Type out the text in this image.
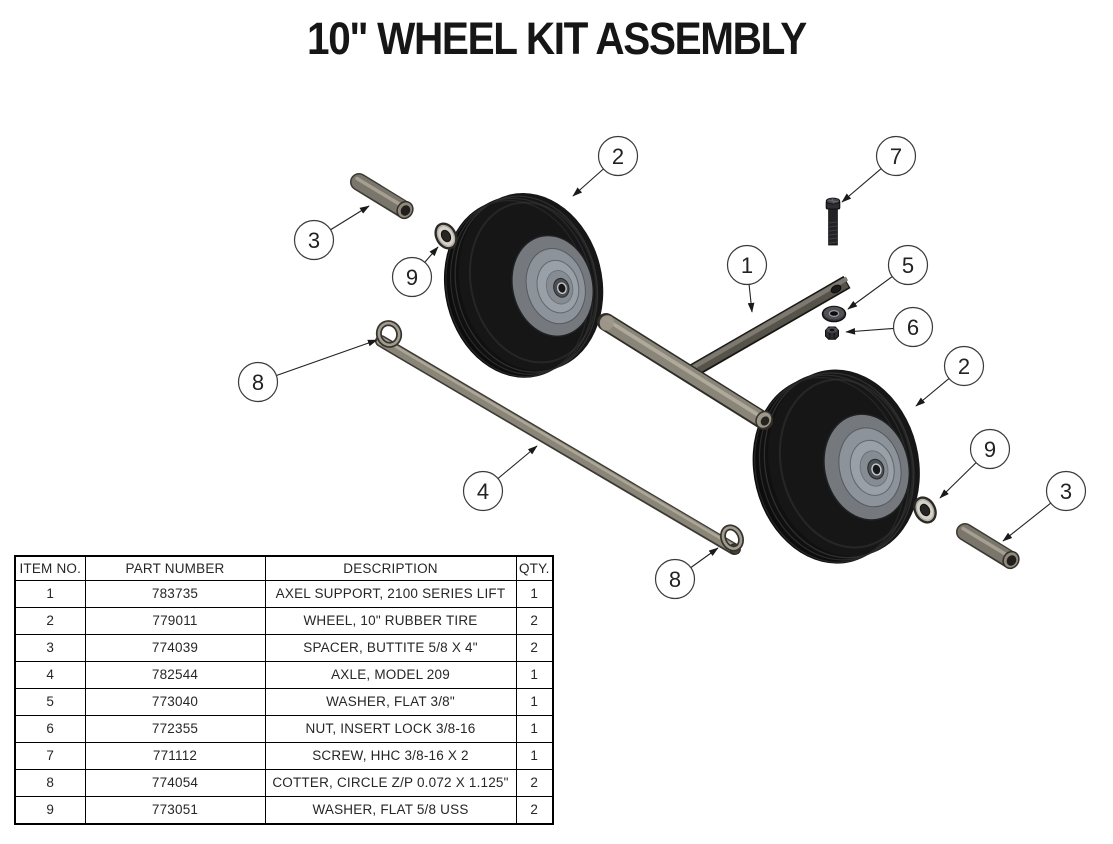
10" WHEEL KIT ASSEMBLY
2
3
9
7
1	5
6
2
9
3
4
8
8
ITEM NO.	PART NUMBER	DESCRIPTION	QTY.
1	783735	AXEL SUPPORT, 2100 SERIES LIFT	1
2	779011	WHEEL, 10" RUBBER TIRE	2
3	774039	SPACER, BUTTITE 5/8 X 4"	2
4	782544	AXLE, MODEL 209	1
5	773040	WASHER, FLAT 3/8"	1
6	772355	NUT, INSERT LOCK 3/8-16	1
7	771112	SCREW, HHC 3/8-16 X 2	1
8	774054	COTTER, CIRCLE Z/P 0.072 X 1.125"	2
9	773051	WASHER, FLAT 5/8 USS	2
